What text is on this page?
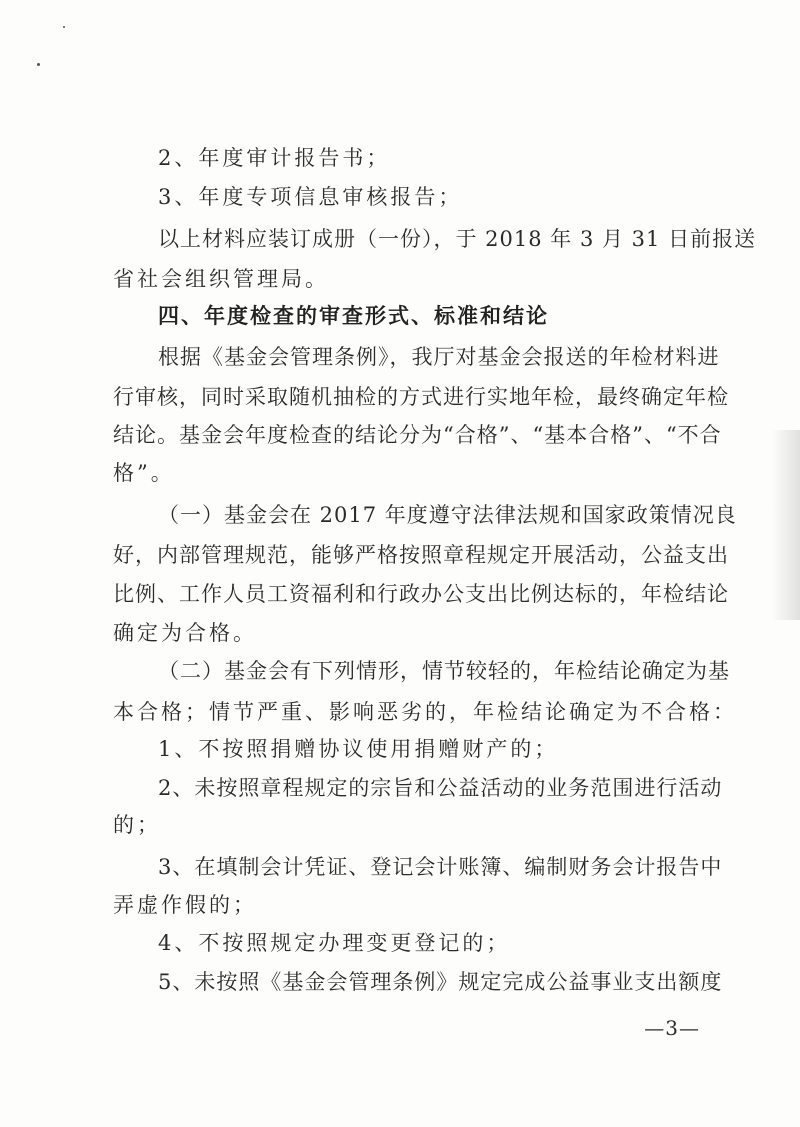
2、年度审计报告书；
3、年度专项信息审核报告；
以上材料应装订成册（一份），于 2018 年 3 月 31 日前报送
省社会组织管理局。
四、年度检查的审查形式、标准和结论
根据《基金会管理条例》，我厅对基金会报送的年检材料进
行审核，同时采取随机抽检的方式进行实地年检，最终确定年检
结论。基金会年度检查的结论分为“合格”、“基本合格”、“不合
格”。
（一）基金会在 2017 年度遵守法律法规和国家政策情况良
好，内部管理规范，能够严格按照章程规定开展活动，公益支出
比例、工作人员工资福利和行政办公支出比例达标的，年检结论
确定为合格。
（二）基金会有下列情形，情节较轻的，年检结论确定为基
本合格；情节严重、影响恶劣的，年检结论确定为不合格：
1、不按照捐赠协议使用捐赠财产的；
2、未按照章程规定的宗旨和公益活动的业务范围进行活动
的；
3、在填制会计凭证、登记会计账簿、编制财务会计报告中
弄虚作假的；
4、不按照规定办理变更登记的；
5、未按照《基金会管理条例》规定完成公益事业支出额度
—3—
